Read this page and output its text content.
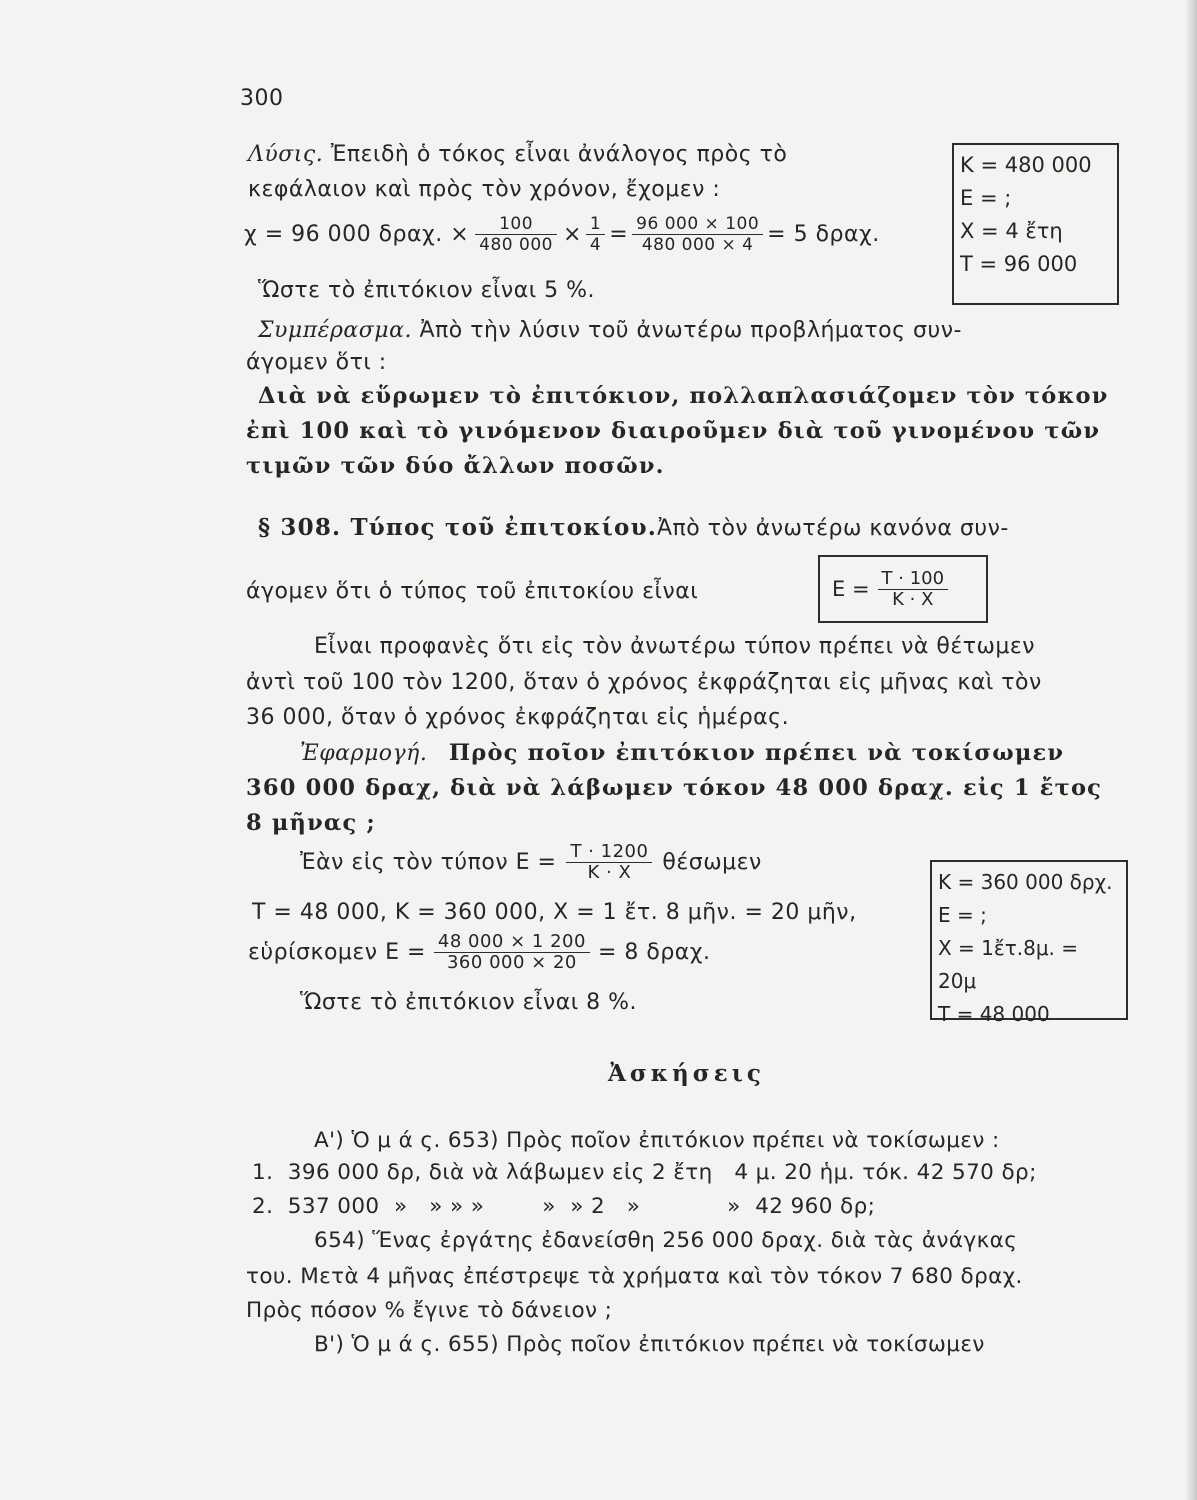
300
Λύσις. Ἐπειδὴ ὁ τόκος εἶναι ἀνάλογος πρὸς τὸ
κεφάλαιον καὶ πρὸς τὸν χρόνον, ἔχομεν :
χ = 96 000 δραχ. × $\frac{100}{480 000} \times \frac{1}{4} = \frac{96 000 \times 100}{480 000 \times 4} = 5$ δραχ.
Ὥστε τὸ ἐπιτόκιον εἶναι 5 %.
Κ = 480 000
Ε = ;
Χ = 4 ἔτη
Τ = 96 000
Συμπέρασμα. Ἀπὸ τὴν λύσιν τοῦ ἀνωτέρω προβλήματος συν-
άγομεν ὅτι :
Διὰ νὰ εὕρωμεν τὸ ἐπιτόκιον, πολλαπλασιάζομεν τὸν τόκον
ἐπὶ 100 καὶ τὸ γινόμενον διαιροῦμεν διὰ τοῦ γινομένου τῶν
τιμῶν τῶν δύο ἄλλων ποσῶν.
§ 308. Τύπος τοῦ ἐπιτοκίου.Ἀπὸ τὸν ἀνωτέρω κανόνα συν-
άγομεν ὅτι ὁ τύπος τοῦ ἐπιτοκίου εἶναι	$E = \frac{T \cdot 100}{K \cdot X}$
Εἶναι προφανὲς ὅτι εἰς τὸν ἀνωτέρω τύπον πρέπει νὰ θέτωμεν
ἀντὶ τοῦ 100 τὸν 1200, ὅταν ὁ χρόνος ἐκφράζηται εἰς μῆνας καὶ τὸν
36 000, ὅταν ὁ χρόνος ἐκφράζηται εἰς ἡμέρας.
Ἐφαρμογή. Πρὸς ποῖον ἐπιτόκιον πρέπει νὰ τοκίσωμεν
360 000 δραχ, διὰ νὰ λάβωμεν τόκον 48 000 δραχ. εἰς 1 ἔτος
8 μῆνας ;
Ἐὰν εἰς τὸν τύπον $E = \frac{T \cdot 1200}{K \cdot X}$ θέσωμεν
Τ = 48 000, Κ = 360 000, Χ = 1 ἔτ. 8 μῆν. = 20 μῆν,
εὑρίσκομεν $E = \frac{48 000 \times 1 200}{360 000 \times 20} = 8$ δραχ.
Ὥστε τὸ ἐπιτόκιον εἶναι 8 %.
Κ = 360 000 δρχ.
Ε = ;
Χ = 1ἔτ.8μ. = 20μ
Τ = 48 000
Ἀσκήσεις
Α') Ὁ μ ά ς. 653) Πρὸς ποῖον ἐπιτόκιον πρέπει νὰ τοκίσωμεν :
1.  396 000 δρ, διὰ νὰ λάβωμεν εἰς 2 ἔτη   4 μ. 20 ἡμ. τόκ. 42 570 δρ;
2.  537 000  »   » » »        »  » 2   »            »  42 960 δρ;
654) Ἕνας ἐργάτης ἐδανείσθη 256 000 δραχ. διὰ τὰς ἀνάγκας
του. Μετὰ 4 μῆνας ἐπέστρεψε τὰ χρήματα καὶ τὸν τόκον 7 680 δραχ.
Πρὸς πόσον % ἔγινε τὸ δάνειον ;
Β') Ὁ μ ά ς. 655) Πρὸς ποῖον ἐπιτόκιον πρέπει νὰ τοκίσωμεν
